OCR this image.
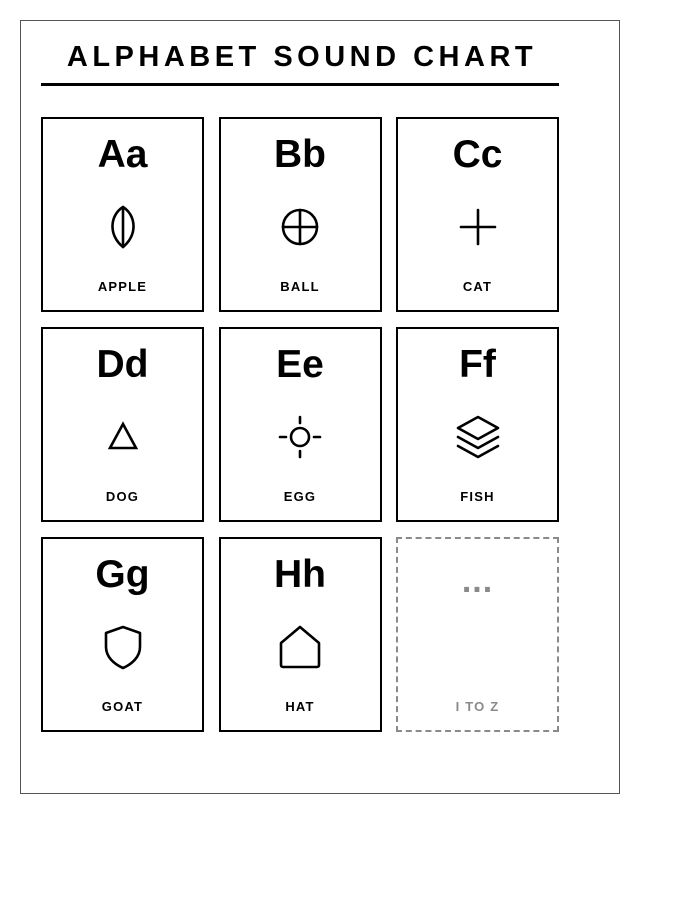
ALPHABET SOUND CHART
Aa
APPLE
Bb
BALL
Cc
CAT
Dd
DOG
Ee
EGG
Ff
FISH
Gg
GOAT
Hh
HAT
...
I TO Z
